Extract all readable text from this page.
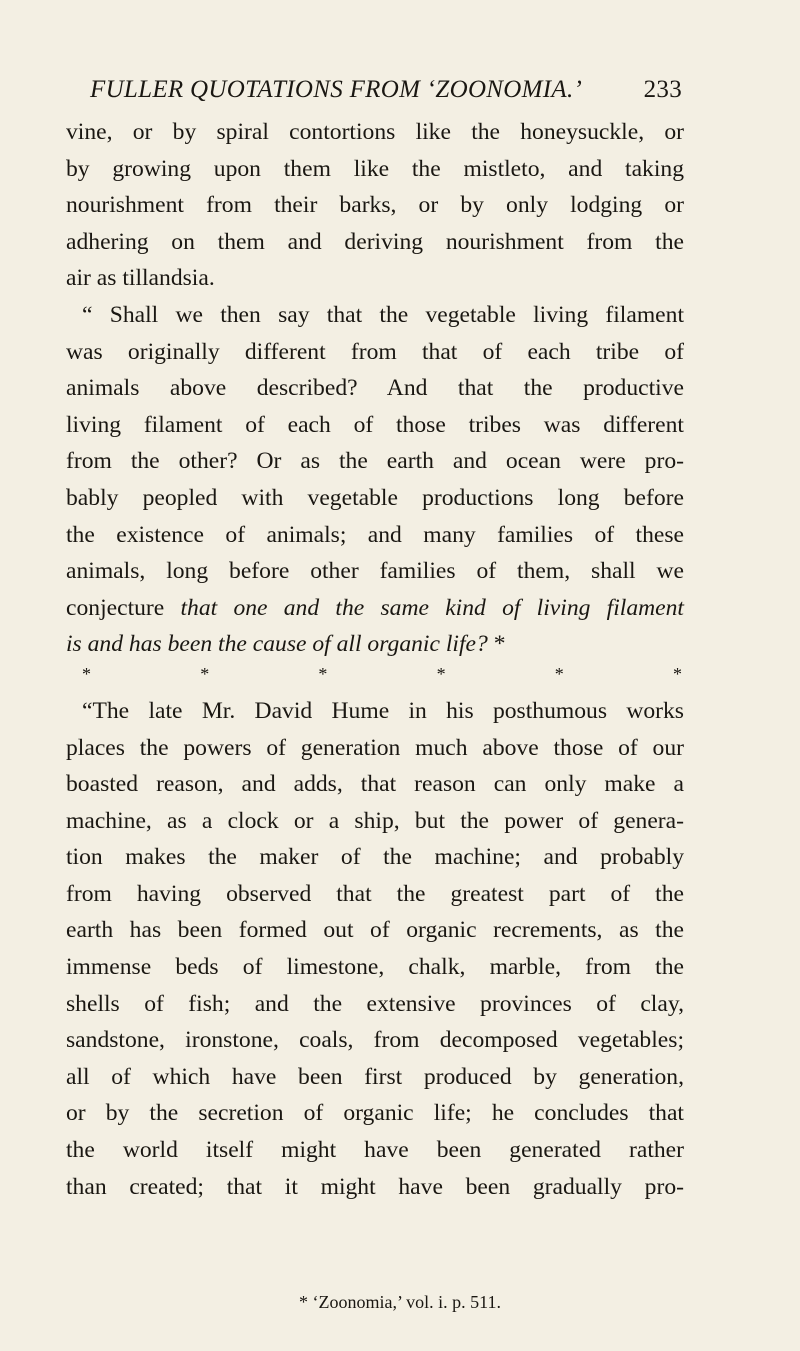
FULLER QUOTATIONS FROM ‘ZOONOMIA.’ 233
vine, or by spiral contortions like the honeysuckle, or
by growing upon them like the mistleto, and taking
nourishment from their barks, or by only lodging or
adhering on them and deriving nourishment from the
air as tillandsia.
“ Shall we then say that the vegetable living filament
was originally different from that of each tribe of
animals above described? And that the productive
living filament of each of those tribes was different
from the other? Or as the earth and ocean were pro-
bably peopled with vegetable productions long before
the existence of animals; and many families of these
animals, long before other families of them, shall we
conjecture that one and the same kind of living filament
is and has been the cause of all organic life? *
*	*	*	*	*	*
“The late Mr. David Hume in his posthumous works
places the powers of generation much above those of our
boasted reason, and adds, that reason can only make a
machine, as a clock or a ship, but the power of genera-
tion makes the maker of the machine; and probably
from having observed that the greatest part of the
earth has been formed out of organic recrements, as the
immense beds of limestone, chalk, marble, from the
shells of fish; and the extensive provinces of clay,
sandstone, ironstone, coals, from decomposed vegetables;
all of which have been first produced by generation,
or by the secretion of organic life; he concludes that
the world itself might have been generated rather
than created; that it might have been gradually pro-
* ‘Zoonomia,’ vol. i. p. 511.
